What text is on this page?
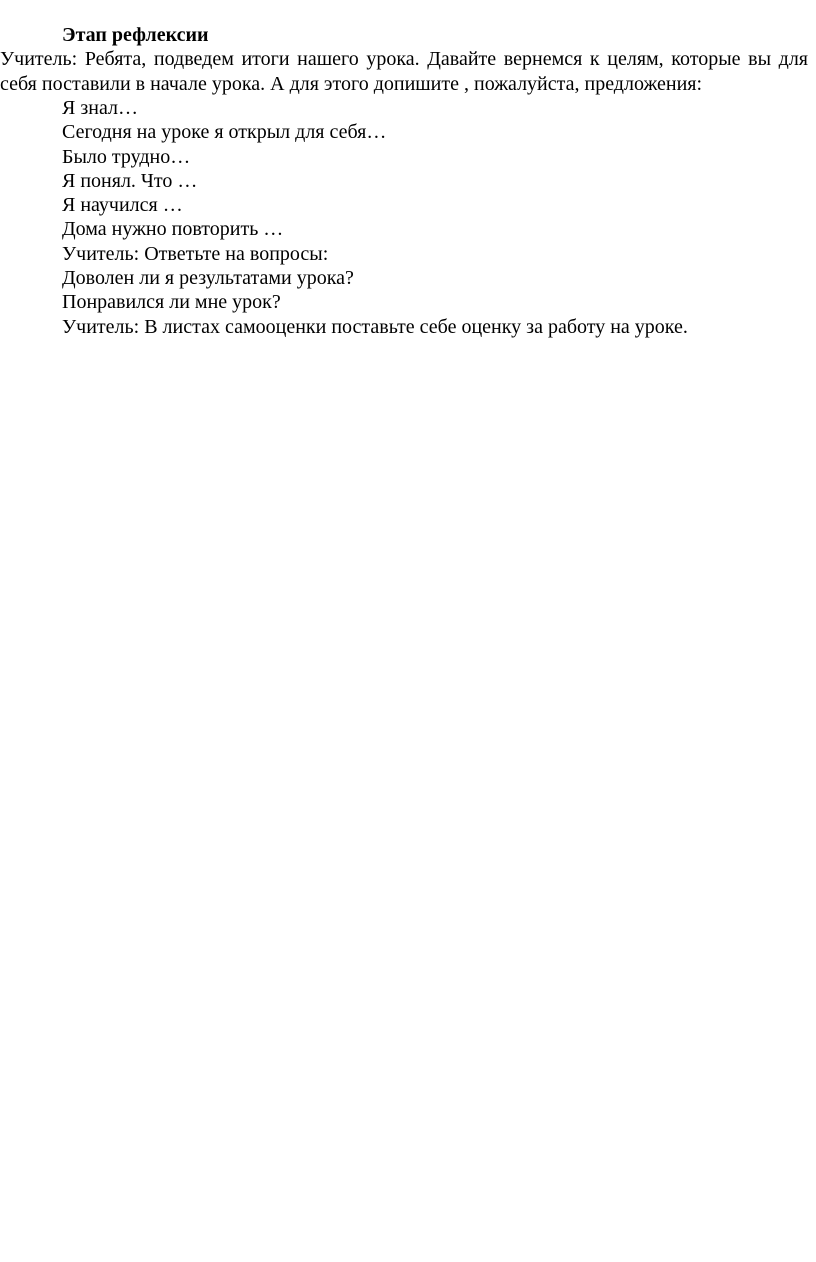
Этап рефлексии

Учитель: Ребята, подведем итоги нашего урока. Давайте вернемся к целям, которые вы для себя поставили в начале урока. А для этого допишите , пожалуйста, предложения:

Я знал…
Сегодня на уроке я открыл для себя…
Было трудно…
Я понял. Что …
Я научился …
Дома нужно повторить …
Учитель: Ответьте на вопросы:
Доволен ли я результатами урока?
Понравился ли мне урок?
Учитель: В листах самооценки поставьте себе оценку за работу на уроке.
